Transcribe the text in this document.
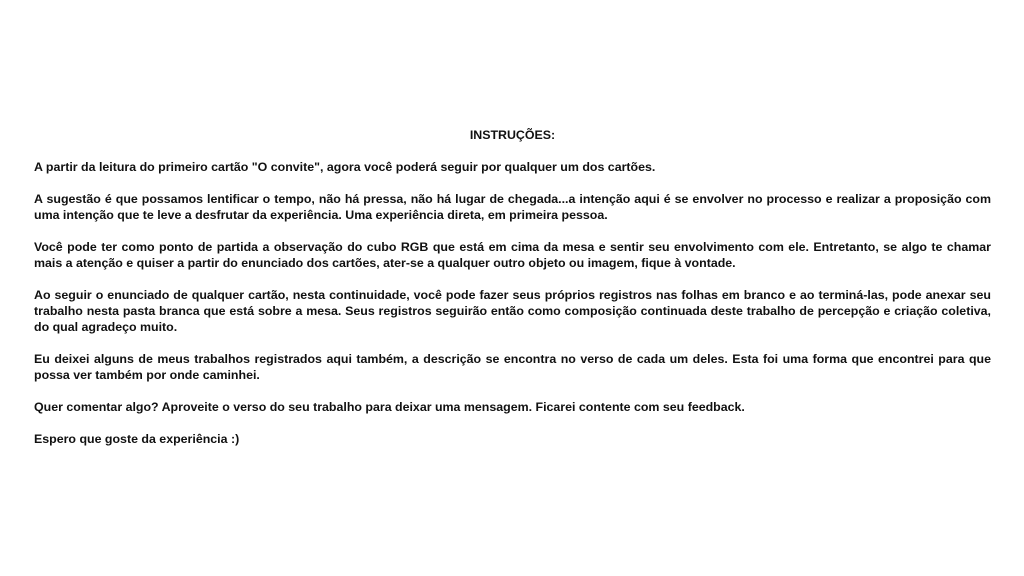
INSTRUÇÕES:

A partir da leitura do primeiro cartão "O convite", agora você poderá seguir por qualquer um dos cartões.

A sugestão é que possamos lentificar o tempo, não há pressa, não há lugar de chegada...a intenção aqui é se envolver no processo e realizar a proposição com uma intenção que te leve a desfrutar da experiência. Uma experiência direta, em primeira pessoa.

Você pode ter como ponto de partida a observação do cubo RGB que está em cima da mesa e sentir seu envolvimento com ele. Entretanto, se algo te chamar mais a atenção e quiser a partir do enunciado dos cartões, ater-se a qualquer outro objeto ou imagem, fique à vontade.

Ao seguir o enunciado de qualquer cartão, nesta continuidade, você pode fazer seus próprios registros nas folhas em branco e ao terminá-las, pode anexar seu trabalho nesta pasta branca que está sobre a mesa. Seus registros seguirão então como composição continuada deste trabalho de percepção e criação coletiva, do qual agradeço muito.

Eu deixei alguns de meus trabalhos registrados aqui também, a descrição se encontra no verso de cada um deles. Esta foi uma forma que encontrei para que possa ver também por onde caminhei.

Quer comentar algo? Aproveite o verso do seu trabalho para deixar uma mensagem. Ficarei contente com seu feedback.

Espero que goste da experiência :)
